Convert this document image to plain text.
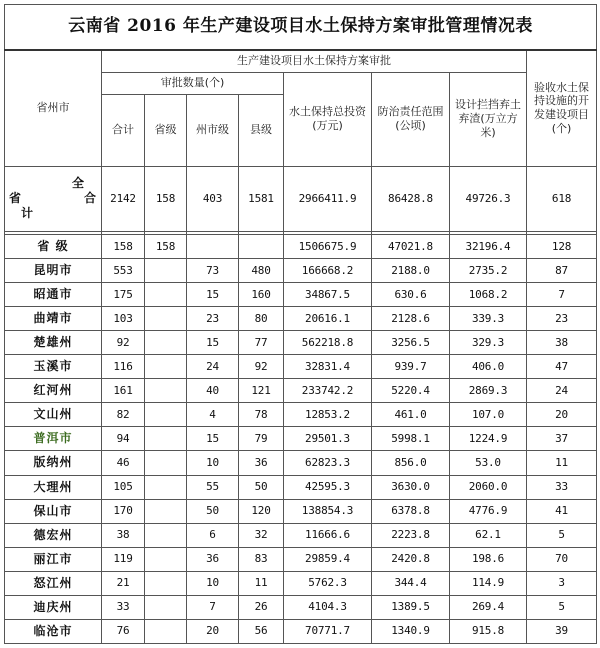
云南省 2016 年生产建设项目水土保持方案审批管理情况表								
省州市	生产建设项目水土保持方案审批							验收水土保持设施的开发建设项目(个)
	审批数量(个)				水土保持总投资(万元)	防治责任范围(公顷)	设计拦挡弃土弃渣(万立方米)	
	合计	省级	州市级	县级				

全
省　　合
计	2142	158	403	1581	2966411.9	86428.8	49726.3	618

省 级	158	158			1506675.9	47021.8	32196.4	128
昆明市	553		73	480	166668.2	2188.0	2735.2	87
昭通市	175		15	160	34867.5	630.6	1068.2	7
曲靖市	103		23	80	20616.1	2128.6	339.3	23
楚雄州	92		15	77	562218.8	3256.5	329.3	38
玉溪市	116		24	92	32831.4	939.7	406.0	47
红河州	161		40	121	233742.2	5220.4	2869.3	24
文山州	82		4	78	12853.2	461.0	107.0	20
普洱市	94		15	79	29501.3	5998.1	1224.9	37
版纳州	46		10	36	62823.3	856.0	53.0	11
大理州	105		55	50	42595.3	3630.0	2060.0	33
保山市	170		50	120	138854.3	6378.8	4776.9	41
德宏州	38		6	32	11666.6	2223.8	62.1	5
丽江市	119		36	83	29859.4	2420.8	198.6	70
怒江州	21		10	11	5762.3	344.4	114.9	3
迪庆州	33		7	26	4104.3	1389.5	269.4	5
临沧市	76		20	56	70771.7	1340.9	915.8	39
